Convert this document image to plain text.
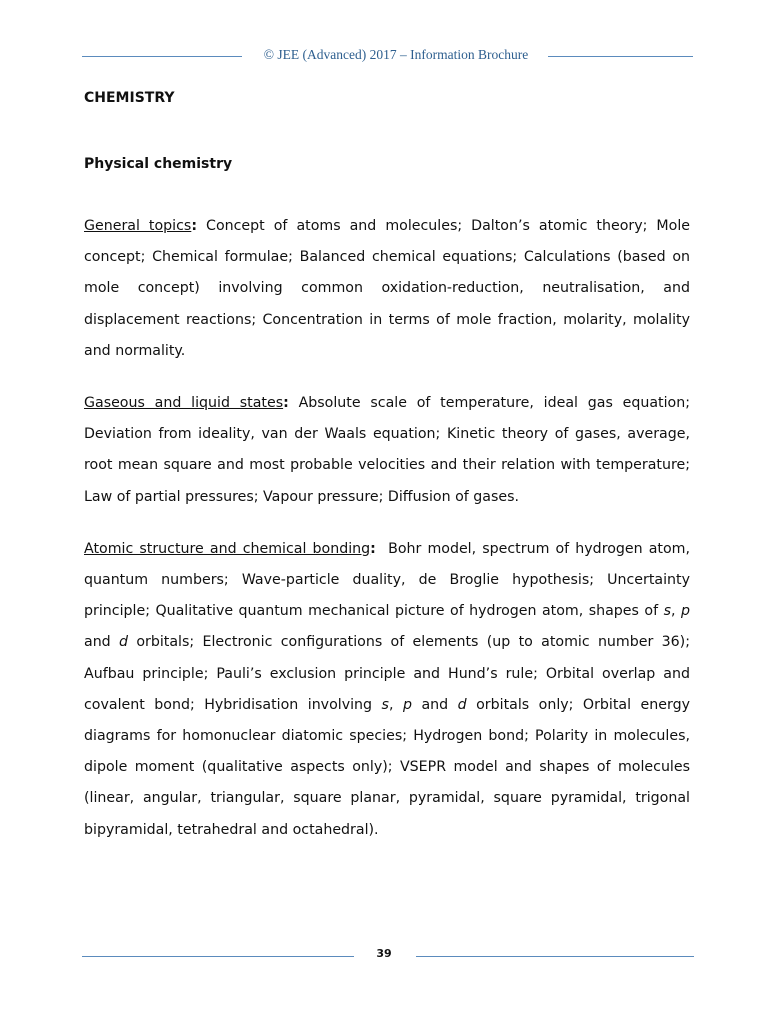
© JEE (Advanced) 2017 – Information Brochure
CHEMISTRY
Physical chemistry

General topics: Concept of atoms and molecules; Dalton’s atomic theory; Mole concept; Chemical formulae; Balanced chemical equations; Calculations (based on mole concept) involving common oxidation-reduction, neutralisation, and displacement reactions; Concentration in terms of mole fraction, molarity, molality and normality.

Gaseous and liquid states: Absolute scale of temperature, ideal gas equation; Deviation from ideality, van der Waals equation; Kinetic theory of gases, average, root mean square and most probable velocities and their relation with temperature; Law of partial pressures; Vapour pressure; Diffusion of gases.

Atomic structure and chemical bonding: Bohr model, spectrum of hydrogen atom, quantum numbers; Wave-particle duality, de Broglie hypothesis; Uncertainty principle; Qualitative quantum mechanical picture of hydrogen atom, shapes of s, p and d orbitals; Electronic configurations of elements (up to atomic number 36); Aufbau principle; Pauli’s exclusion principle and Hund’s rule; Orbital overlap and covalent bond; Hybridisation involving s, p and d orbitals only; Orbital energy diagrams for homonuclear diatomic species; Hydrogen bond; Polarity in molecules, dipole moment (qualitative aspects only); VSEPR model and shapes of molecules (linear, angular, triangular, square planar, pyramidal, square pyramidal, trigonal bipyramidal, tetrahedral and octahedral).

39
